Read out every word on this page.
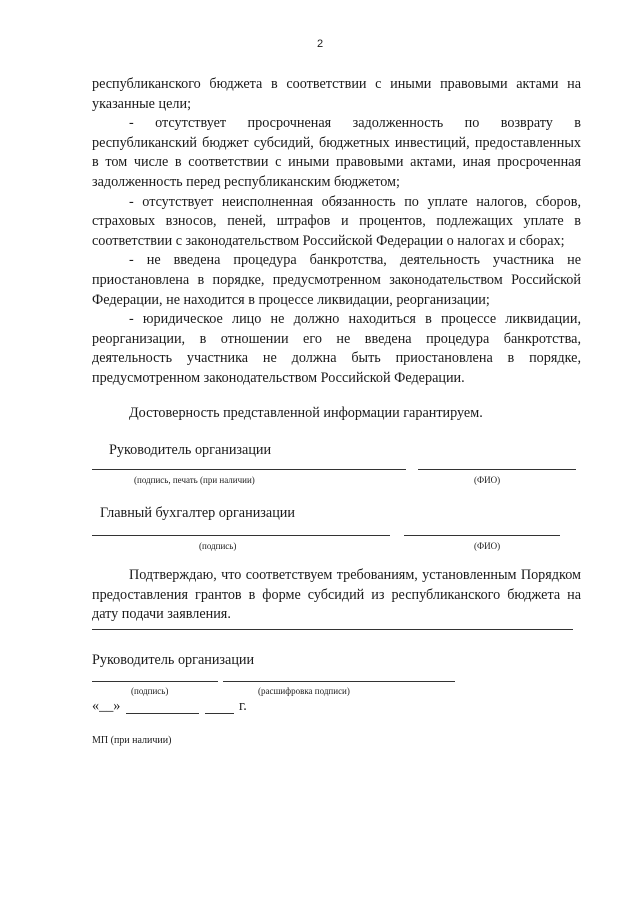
2

республиканского бюджета в соответствии с иными правовыми актами на указанные цели;

- отсутствует просрочненая задолженность по возврату в республиканский бюджет субсидий, бюджетных инвестиций, предоставленных в том числе в соответствии с иными правовыми актами, иная просроченная задолженность перед республиканским бюджетом;

- отсутствует неисполненная обязанность по уплате налогов, сборов, страховых взносов, пеней, штрафов и процентов, подлежащих уплате в соответствии с законодательством Российской Федерации о налогах и сборах;

- не введена процедура банкротства, деятельность участника не приостановлена в порядке, предусмотренном законодательством Российской Федерации, не находится в процессе ликвидации, реорганизации;

- юридическое лицо не должно находиться в процессе ликвидации, реорганизации, в отношении его не введена процедура банкротства, деятельность участника не должна быть приостановлена в порядке, предусмотренном законодательством Российской Федерации.

Достоверность представленной информации гарантируем.
Руководитель организации
(подпись, печать (при наличии)	(ФИО)
Главный бухгалтер организации
(подпись)	(ФИО)

Подтверждаю, что соответствуем требованиям, установленным Порядком предоставления грантов в форме субсидий из республиканского бюджета на дату подачи заявления.

Руководитель организации
(подпись)	(расшифровка подписи)
«__»	г.
МП (при наличии)
